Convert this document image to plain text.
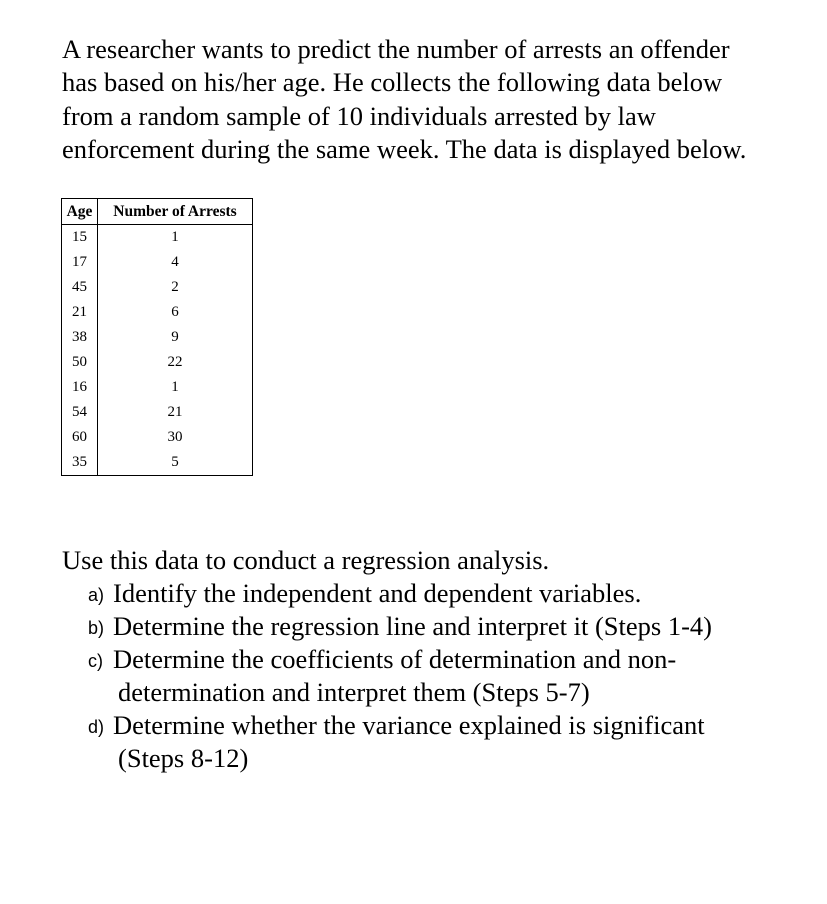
A researcher wants to predict the number of arrests an offender
has based on his/her age. He collects the following data below
from a random sample of 10 individuals arrested by law
enforcement during the same week. The data is displayed below.
Age	Number of Arrests
15	1
17	4
45	2
21	6
38	9
50	22
16	1
54	21
60	30
35	5
Use this data to conduct a regression analysis.
a) Identify the independent and dependent variables.
b) Determine the regression line and interpret it (Steps 1-4)
c) Determine the coefficients of determination and non-
determination and interpret them (Steps 5-7)
d) Determine whether the variance explained is significant
(Steps 8-12)
